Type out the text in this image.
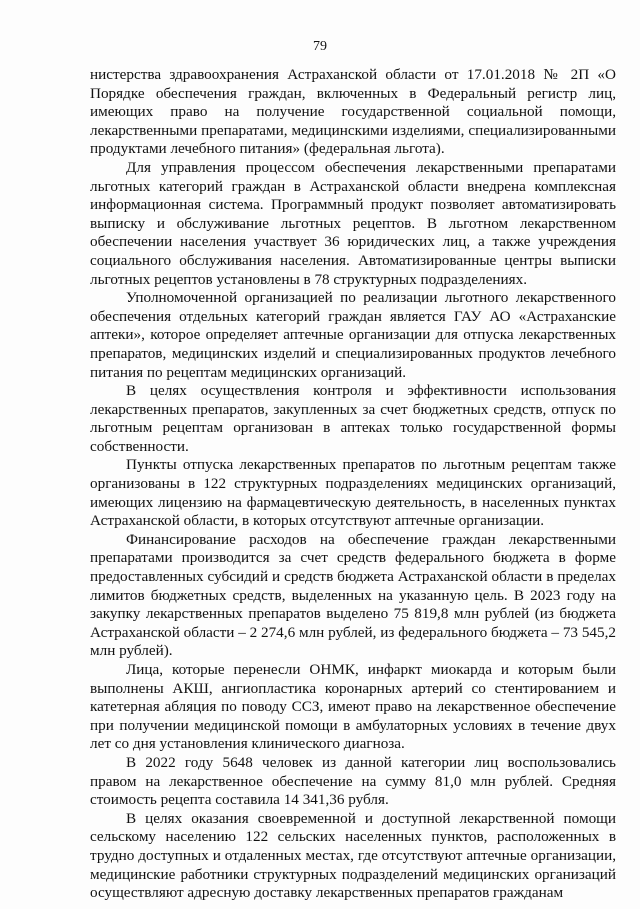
79

нистерства здравоохранения Астраханской области от 17.01.2018 № 2П «О Порядке обеспечения граждан, включенных в Федеральный регистр лиц, имеющих право на получение государственной социальной помощи, лекарственными препаратами, медицинскими изделиями, специализированными продуктами лечебного питания» (федеральная льгота).

Для управления процессом обеспечения лекарственными препаратами льготных категорий граждан в Астраханской области внедрена комплексная информационная система. Программный продукт позволяет автоматизировать выписку и обслуживание льготных рецептов. В льготном лекарственном обеспечении населения участвует 36 юридических лиц, а также учреждения социального обслуживания населения. Автоматизированные центры выписки льготных рецептов установлены в 78 структурных подразделениях.

Уполномоченной организацией по реализации льготного лекарственного обеспечения отдельных категорий граждан является ГАУ АО «Астраханские аптеки», которое определяет аптечные организации для отпуска лекарственных препаратов, медицинских изделий и специализированных продуктов лечебного питания по рецептам медицинских организаций.

В целях осуществления контроля и эффективности использования лекарственных препаратов, закупленных за счет бюджетных средств, отпуск по льготным рецептам организован в аптеках только государственной формы собственности.

Пункты отпуска лекарственных препаратов по льготным рецептам также организованы в 122 структурных подразделениях медицинских организаций, имеющих лицензию на фармацевтическую деятельность, в населенных пунктах Астраханской области, в которых отсутствуют аптечные организации.

Финансирование расходов на обеспечение граждан лекарственными препаратами производится за счет средств федерального бюджета в форме предоставленных субсидий и средств бюджета Астраханской области в пределах лимитов бюджетных средств, выделенных на указанную цель. В 2023 году на закупку лекарственных препаратов выделено 75 819,8 млн рублей (из бюджета Астраханской области – 2 274,6 млн рублей, из федерального бюджета – 73 545,2 млн рублей).

Лица, которые перенесли ОНМК, инфаркт миокарда и которым были выполнены АКШ, ангиопластика коронарных артерий со стентированием и катетерная абляция по поводу ССЗ, имеют право на лекарственное обеспечение при получении медицинской помощи в амбулаторных условиях в течение двух лет со дня установления клинического диагноза.

В 2022 году 5648 человек из данной категории лиц воспользовались правом на лекарственное обеспечение на сумму 81,0 млн рублей. Средняя стоимость рецепта составила 14 341,36 рубля.

В целях оказания своевременной и доступной лекарственной помощи сельскому населению 122 сельских населенных пунктов, расположенных в трудно доступных и отдаленных местах, где отсутствуют аптечные организации, медицинские работники структурных подразделений медицинских организаций осуществляют адресную доставку лекарственных препаратов гражданам
